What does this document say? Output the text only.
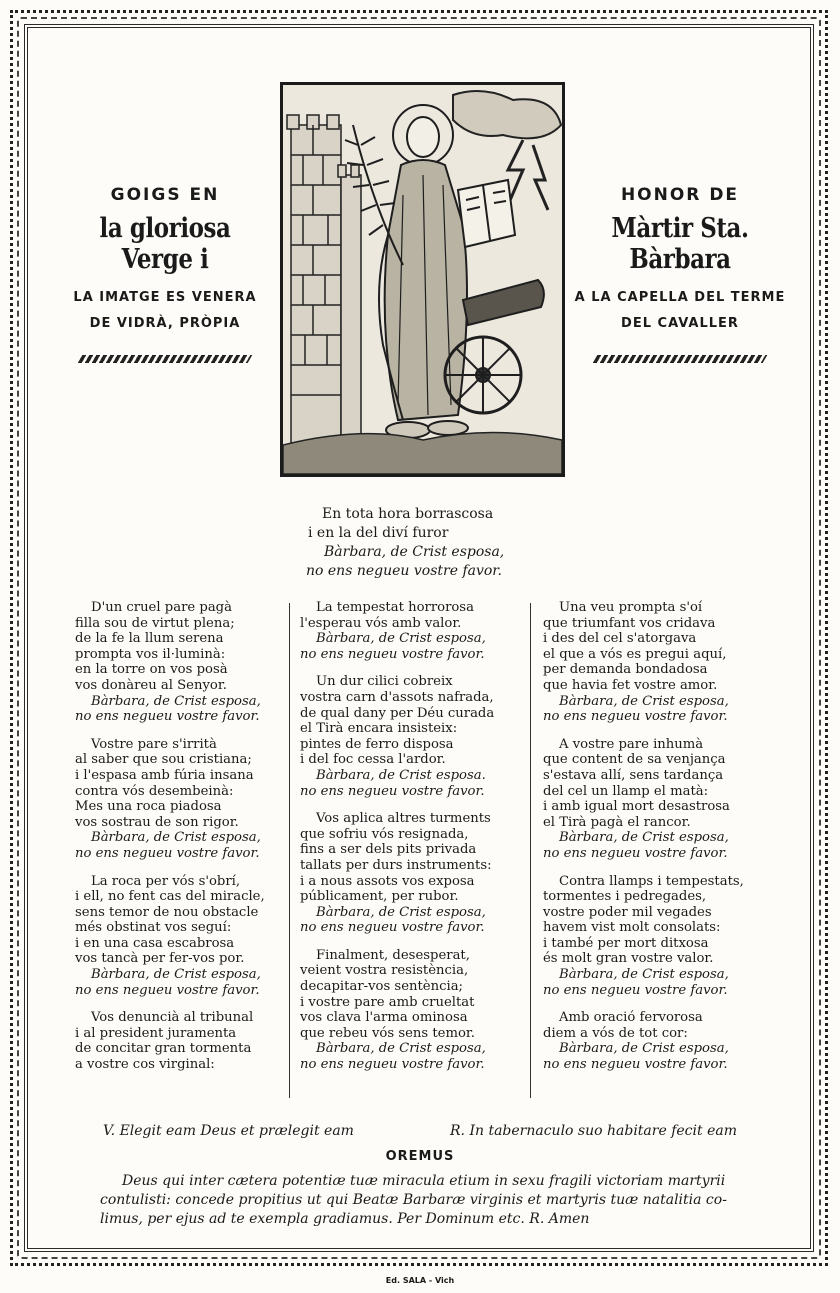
GOIGS EN
la gloriosa Verge i
LA IMATGE ES VENERA
DE VIDRÀ, PRÒPIA
HONOR DE
Màrtir Sta. Bàrbara
A LA CAPELLA DEL TERME
DEL CAVALLER
En tota hora borrascosa
i en la del diví furor
Bàrbara, de Crist esposa,
no ens negueu vostre favor.
D'un cruel pare pagà
filla sou de virtut plena;
de la fe la llum serena
prompta vos il·luminà:
en la torre on vos posà
vos donàreu al Senyor.
Bàrbara, de Crist esposa,
no ens negueu vostre favor.
Vostre pare s'irrità
al saber que sou cristiana;
i l'espasa amb fúria insana
contra vós desembeinà:
Mes una roca piadosa
vos sostrau de son rigor.
Bàrbara, de Crist esposa,
no ens negueu vostre favor.
La roca per vós s'obrí,
i ell, no fent cas del miracle,
sens temor de nou obstacle
més obstinat vos seguí:
i en una casa escabrosa
vos tancà per fer-vos por.
Bàrbara, de Crist esposa,
no ens negueu vostre favor.
Vos denuncià al tribunal
i al president juramenta
de concitar gran tormenta
a vostre cos virginal:
La tempestat horrorosa
l'esperau vós amb valor.
Bàrbara, de Crist esposa,
no ens negueu vostre favor.
Un dur cilici cobreix
vostra carn d'assots nafrada,
de qual dany per Déu curada
el Tirà encara insisteix:
pintes de ferro disposa
i del foc cessa l'ardor.
Bàrbara, de Crist esposa.
no ens negueu vostre favor.
Vos aplica altres turments
que sofriu vós resignada,
fins a ser dels pits privada
tallats per durs instruments:
i a nous assots vos exposa
públicament, per rubor.
Bàrbara, de Crist esposa,
no ens negueu vostre favor.
Finalment, desesperat,
veient vostra resistència,
decapitar-vos sentència;
i vostre pare amb crueltat
vos clava l'arma ominosa
que rebeu vós sens temor.
Bàrbara, de Crist esposa,
no ens negueu vostre favor.
Una veu prompta s'oí
que triumfant vos cridava
i des del cel s'atorgava
el que a vós es pregui aquí,
per demanda bondadosa
que havia fet vostre amor.
Bàrbara, de Crist esposa,
no ens negueu vostre favor.
A vostre pare inhumà
que content de sa venjança
s'estava allí, sens tardança
del cel un llamp el matà:
i amb igual mort desastrosa
el Tirà pagà el rancor.
Bàrbara, de Crist esposa,
no ens negueu vostre favor.
Contra llamps i tempestats,
tormentes i pedregades,
vostre poder mil vegades
havem vist molt consolats:
i també per mort ditxosa
és molt gran vostre valor.
Bàrbara, de Crist esposa,
no ens negueu vostre favor.
Amb oració fervorosa
diem a vós de tot cor:
Bàrbara, de Crist esposa,
no ens negueu vostre favor.
V. Elegit eam Deus et prælegit eam	R. In tabernaculo suo habitare fecit eam
OREMUS
Deus qui inter cætera potentiæ tuæ miracula etium in sexu fragili victoriam martyrii
contulisti: concede propitius ut qui Beatæ Barbaræ virginis et martyris tuæ natalitia co-
limus, per ejus ad te exempla gradiamus. Per Dominum etc. R. Amen
Ed. SALA - Vich
